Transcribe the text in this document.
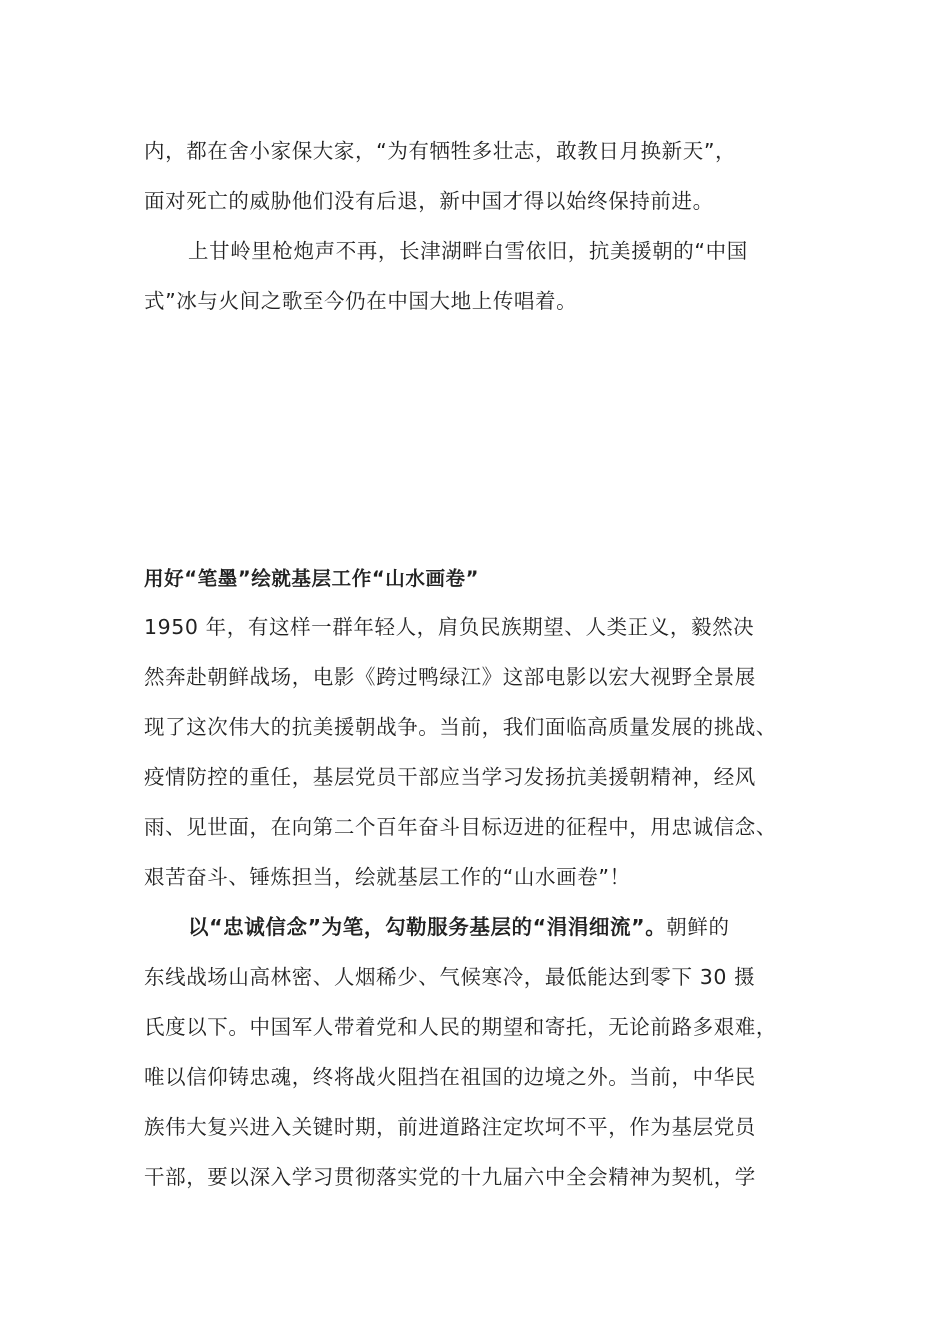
内，都在舍小家保大家，“为有牺牲多壮志，敢教日月换新天”，
面对死亡的威胁他们没有后退，新中国才得以始终保持前进。
上甘岭里枪炮声不再，长津湖畔白雪依旧，抗美援朝的“中国
式”冰与火间之歌至今仍在中国大地上传唱着。
用好“笔墨”绘就基层工作“山水画卷”
1950 年，有这样一群年轻人，肩负民族期望、人类正义，毅然决
然奔赴朝鲜战场，电影《跨过鸭绿江》这部电影以宏大视野全景展
现了这次伟大的抗美援朝战争。当前，我们面临高质量发展的挑战、
疫情防控的重任，基层党员干部应当学习发扬抗美援朝精神，经风
雨、见世面，在向第二个百年奋斗目标迈进的征程中，用忠诚信念、
艰苦奋斗、锤炼担当，绘就基层工作的“山水画卷”！
以“忠诚信念”为笔，勾勒服务基层的“涓涓细流”。朝鲜的
东线战场山高林密、人烟稀少、气候寒冷，最低能达到零下 30 摄
氏度以下。中国军人带着党和人民的期望和寄托，无论前路多艰难，
唯以信仰铸忠魂，终将战火阻挡在祖国的边境之外。当前，中华民
族伟大复兴进入关键时期，前进道路注定坎坷不平，作为基层党员
干部，要以深入学习贯彻落实党的十九届六中全会精神为契机，学
